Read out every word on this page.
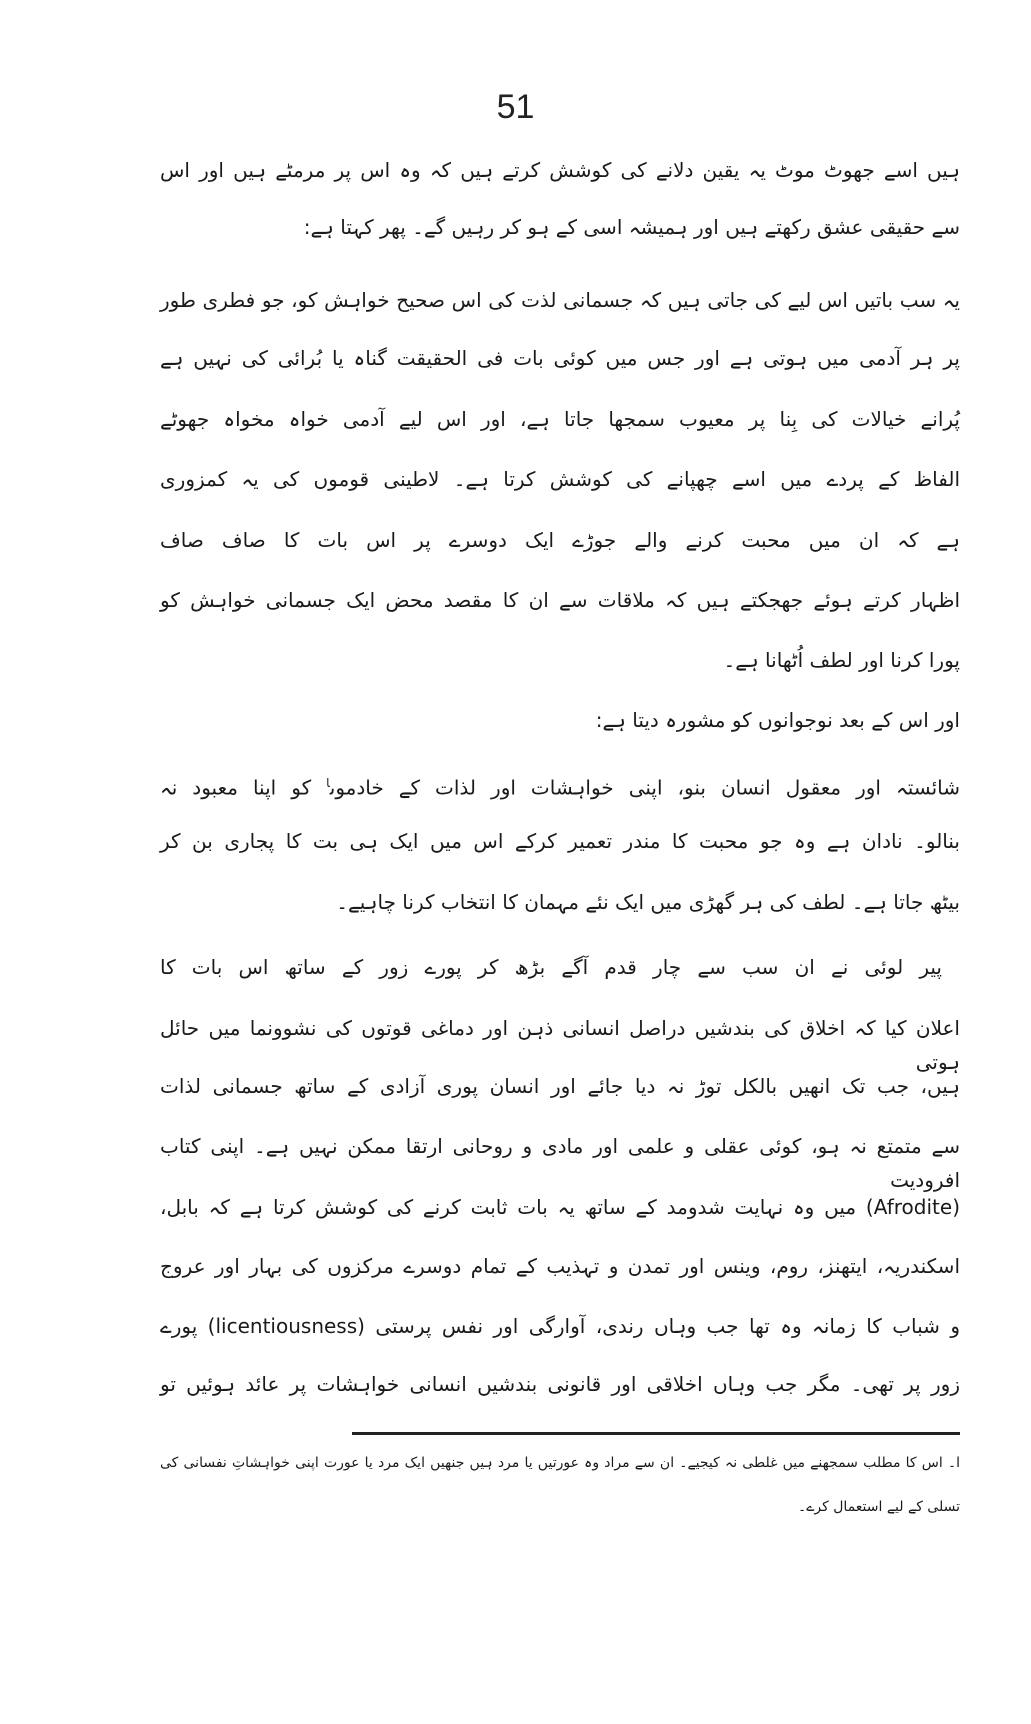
51
ہیں اسے جھوٹ موٹ یہ یقین دلانے کی کوشش کرتے ہیں کہ وہ اس پر مرمٹے ہیں اور اس
سے حقیقی عشق رکھتے ہیں اور ہمیشہ اسی کے ہو کر رہیں گے۔ پھر کہتا ہے:
یہ سب باتیں اس لیے کی جاتی ہیں کہ جسمانی لذت کی اس صحیح خواہش کو، جو فطری طور
پر ہر آدمی میں ہوتی ہے اور جس میں کوئی بات فی الحقیقت گناہ یا بُرائی کی نہیں ہے
پُرانے خیالات کی بِنا پر معیوب سمجھا جاتا ہے، اور اس لیے آدمی خواہ مخواہ جھوٹے
الفاظ کے پردے میں اسے چھپانے کی کوشش کرتا ہے۔ لاطینی قوموں کی یہ کمزوری
ہے کہ ان میں محبت کرنے والے جوڑے ایک دوسرے پر اس بات کا صاف صاف
اظہار کرتے ہوئے جھجکتے ہیں کہ ملاقات سے ان کا مقصد محض ایک جسمانی خواہش کو
پورا کرنا اور لطف اُٹھانا ہے۔
اور اس کے بعد نوجوانوں کو مشورہ دیتا ہے:
شائستہ اور معقول انسان بنو، اپنی خواہشات اور لذات کے خادموں$^ا$ کو اپنا معبود نہ
بنالو۔ نادان ہے وہ جو محبت کا مندر تعمیر کرکے اس میں ایک ہی بت کا پجاری بن کر
بیٹھ جاتا ہے۔ لطف کی ہر گھڑی میں ایک نئے مہمان کا انتخاب کرنا چاہیے۔
پیر لوئی نے ان سب سے چار قدم آگے بڑھ کر پورے زور کے ساتھ اس بات کا
اعلان کیا کہ اخلاق کی بندشیں دراصل انسانی ذہن اور دماغی قوتوں کی نشوونما میں حائل ہوتی
ہیں، جب تک انھیں بالکل توڑ نہ دیا جائے اور انسان پوری آزادی کے ساتھ جسمانی لذات
سے متمتع نہ ہو، کوئی عقلی و علمی اور مادی و روحانی ارتقا ممکن نہیں ہے۔ اپنی کتاب افرودیت
(Afrodite) میں وہ نہایت شدومد کے ساتھ یہ بات ثابت کرنے کی کوشش کرتا ہے کہ بابل،
اسکندریہ، ایتھنز، روم، وینس اور تمدن و تہذیب کے تمام دوسرے مرکزوں کی بہار اور عروج
و شباب کا زمانہ وہ تھا جب وہاں رندی، آوارگی اور نفس پرستی (licentiousness) پورے
زور پر تھی۔ مگر جب وہاں اخلاقی اور قانونی بندشیں انسانی خواہشات پر عائد ہوئیں تو
ا۔ اس کا مطلب سمجھنے میں غلطی نہ کیجیے۔ ان سے مراد وہ عورتیں یا مرد ہیں جنھیں ایک مرد یا عورت اپنی خواہشاتِ نفسانی کی
تسلی کے لیے استعمال کرے۔
